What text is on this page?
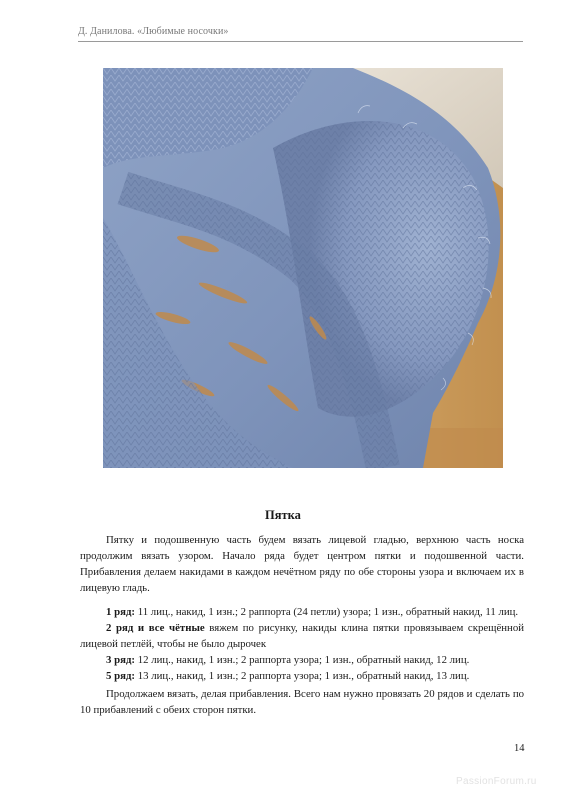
Д. Данилова. «Любимые носочки»
Пятка
Пятку и подошвенную часть будем вязать лицевой гладью, верхнюю часть носка продолжим вязать узором. Начало ряда будет центром пятки и подошвенной части. Прибавления делаем накидами в каждом нечётном ряду по обе стороны узора и включаем их в лицевую гладь.
1 ряд: 11 лиц., накид, 1 изн.; 2 раппорта (24 петли) узора; 1 изн., обратный накид, 11 лиц.
2 ряд и все чётные вяжем по рисунку, накиды клина пятки провязываем скрещённой лицевой петлёй, чтобы не было дырочек
3 ряд: 12 лиц., накид, 1 изн.; 2 раппорта узора; 1 изн., обратный накид, 12 лиц.
5 ряд: 13 лиц., накид, 1 изн.; 2 раппорта узора; 1 изн., обратный накид, 13 лиц.
Продолжаем вязать, делая прибавления. Всего нам нужно провязать 20 рядов и сделать по 10 прибавлений с обеих сторон пятки.
14
PassionForum.ru
